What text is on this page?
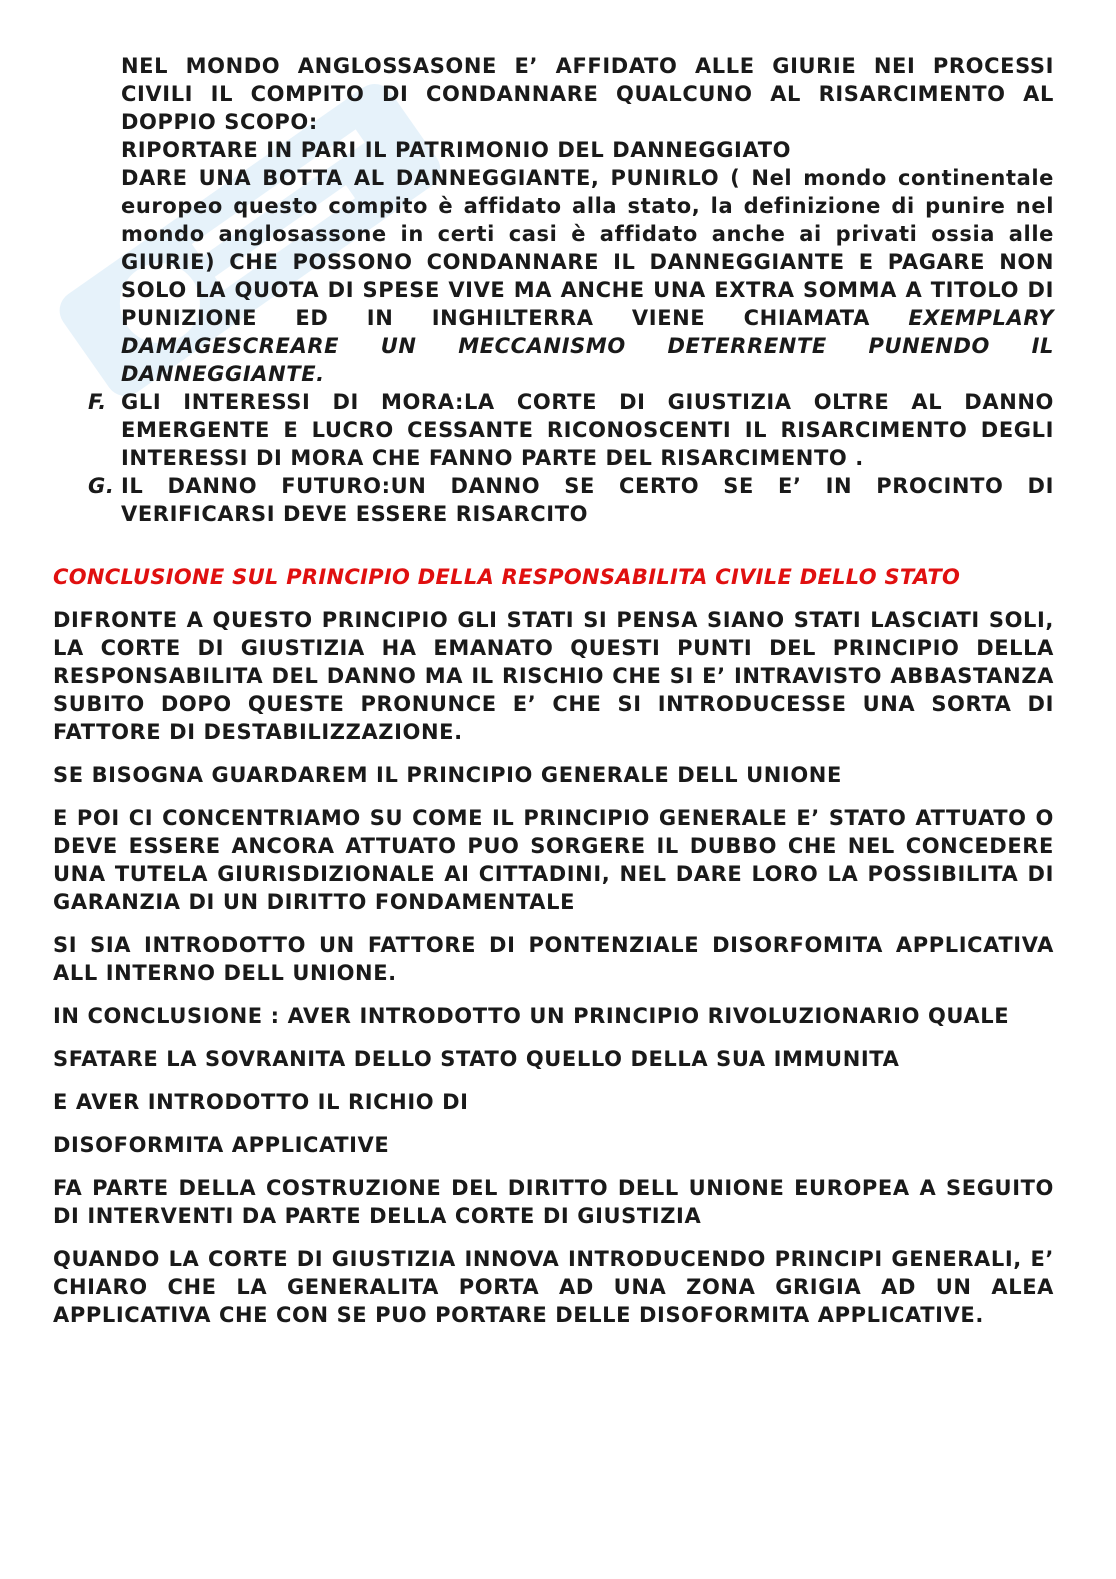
NEL MONDO ANGLOSSASONE E’ AFFIDATO ALLE GIURIE NEI PROCESSI CIVILI IL COMPITO DI CONDANNARE QUALCUNO AL RISARCIMENTO AL DOPPIO SCOPO:

RIPORTARE IN PARI IL PATRIMONIO DEL DANNEGGIATO

DARE UNA BOTTA AL DANNEGGIANTE, PUNIRLO ( Nel mondo continentale europeo questo compito è affidato alla stato, la definizione di punire nel mondo anglosassone in certi casi è affidato anche ai privati ossia alle GIURIE) CHE POSSONO CONDANNARE IL DANNEGGIANTE E PAGARE NON SOLO LA QUOTA DI SPESE VIVE MA ANCHE UNA EXTRA SOMMA A TITOLO DI PUNIZIONE ED IN INGHILTERRA VIENE CHIAMATA EXEMPLARY DAMAGESCREARE UN MECCANISMO DETERRENTE PUNENDO IL DANNEGGIANTE.

F. GLI INTERESSI DI MORA:LA CORTE DI GIUSTIZIA OLTRE AL DANNO EMERGENTE E LUCRO CESSANTE RICONOSCENTI IL RISARCIMENTO DEGLI INTERESSI DI MORA CHE FANNO PARTE DEL RISARCIMENTO .

G. IL DANNO FUTURO:UN DANNO SE CERTO SE E’ IN PROCINTO DI VERIFICARSI DEVE ESSERE RISARCITO

CONCLUSIONE SUL PRINCIPIO DELLA RESPONSABILITA CIVILE DELLO STATO

DIFRONTE A QUESTO PRINCIPIO GLI STATI SI PENSA SIANO STATI LASCIATI SOLI, LA CORTE DI GIUSTIZIA HA EMANATO QUESTI PUNTI DEL PRINCIPIO DELLA RESPONSABILITA DEL DANNO MA IL RISCHIO CHE SI E’ INTRAVISTO ABBASTANZA SUBITO DOPO QUESTE PRONUNCE E’ CHE SI INTRODUCESSE UNA SORTA DI FATTORE DI DESTABILIZZAZIONE.

SE BISOGNA GUARDAREM IL PRINCIPIO GENERALE DELL UNIONE

E POI CI CONCENTRIAMO SU COME IL PRINCIPIO GENERALE E’ STATO ATTUATO O DEVE ESSERE ANCORA ATTUATO PUO SORGERE IL DUBBO CHE NEL CONCEDERE UNA TUTELA GIURISDIZIONALE AI CITTADINI, NEL DARE LORO LA POSSIBILITA DI GARANZIA DI UN DIRITTO FONDAMENTALE

SI SIA INTRODOTTO UN FATTORE DI PONTENZIALE DISORFOMITA APPLICATIVA ALL INTERNO DELL UNIONE.

IN CONCLUSIONE : AVER INTRODOTTO UN PRINCIPIO RIVOLUZIONARIO QUALE

SFATARE LA SOVRANITA DELLO STATO QUELLO DELLA SUA IMMUNITA

E AVER INTRODOTTO IL RICHIO DI

DISOFORMITA APPLICATIVE

FA PARTE DELLA COSTRUZIONE DEL DIRITTO DELL UNIONE EUROPEA A SEGUITO DI INTERVENTI DA PARTE DELLA CORTE DI GIUSTIZIA

QUANDO LA CORTE DI GIUSTIZIA INNOVA INTRODUCENDO PRINCIPI GENERALI, E’ CHIARO CHE LA GENERALITA PORTA AD UNA ZONA GRIGIA AD UN ALEA APPLICATIVA CHE CON SE PUO PORTARE DELLE DISOFORMITA APPLICATIVE.
